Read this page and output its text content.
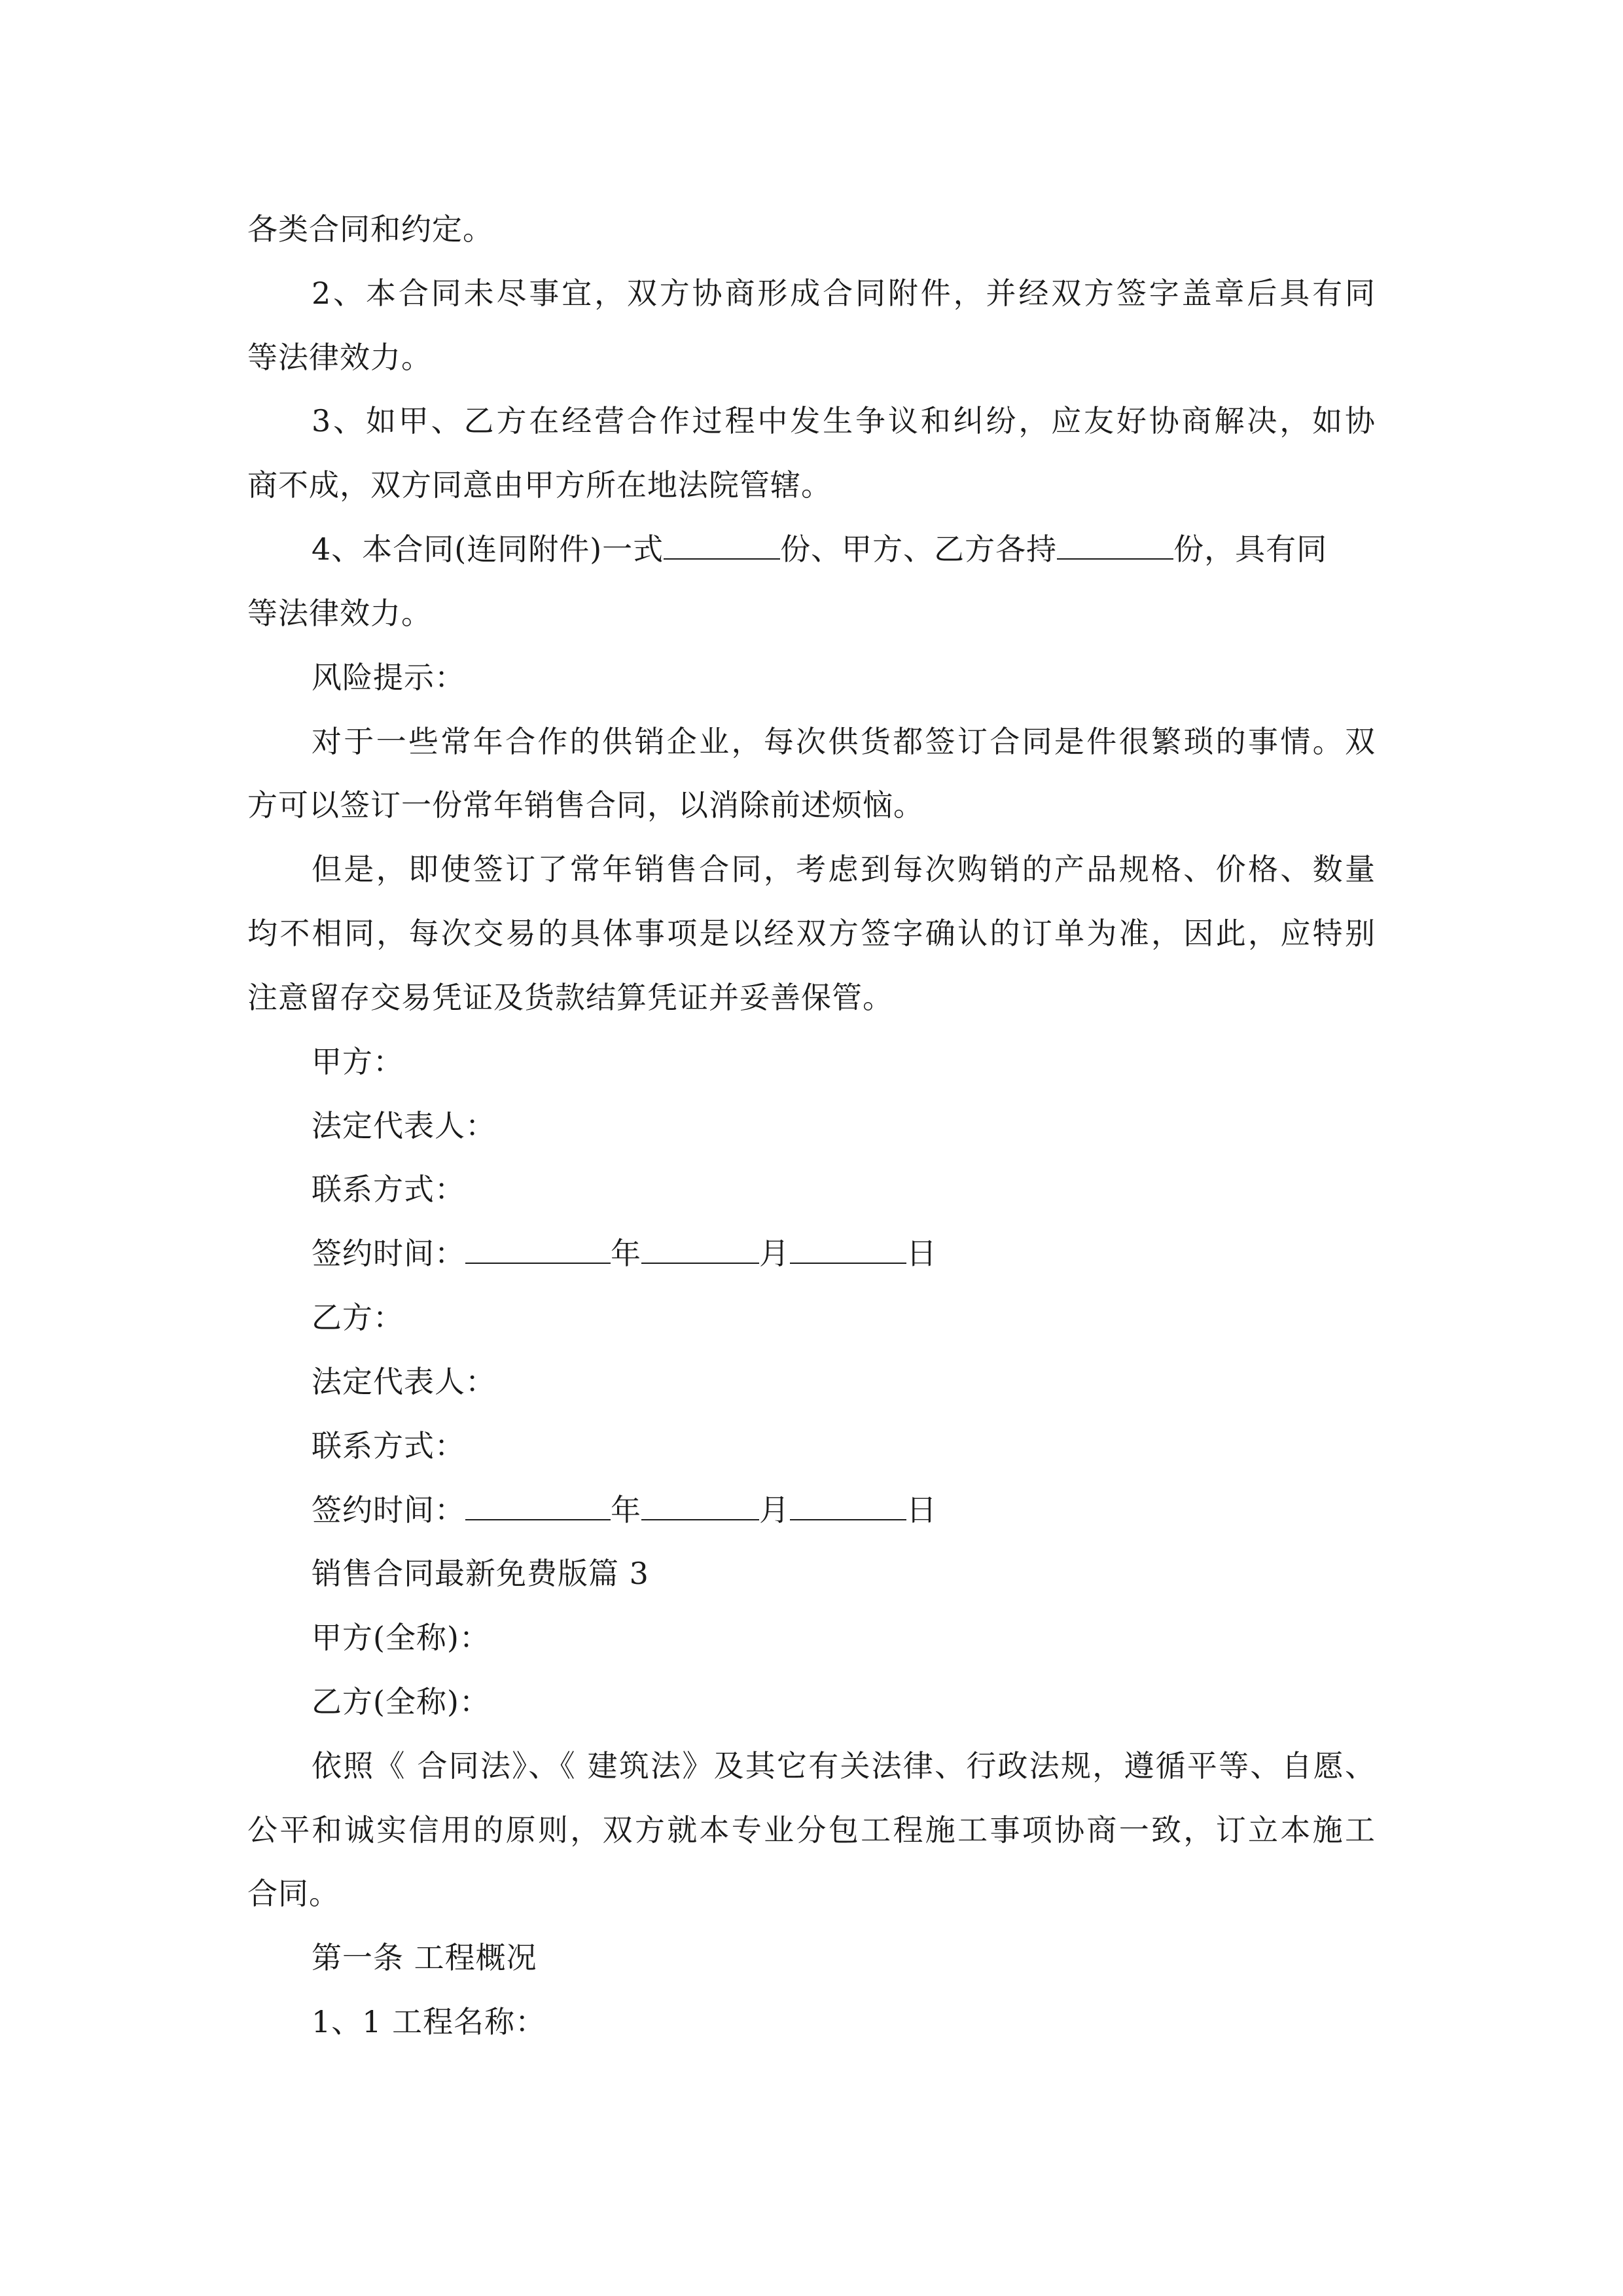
各类合同和约定。
2、本合同未尽事宜，双方协商形成合同附件，并经双方签字盖章后具有同
等法律效力。
3、如甲、乙方在经营合作过程中发生争议和纠纷，应友好协商解决，如协
商不成，双方同意由甲方所在地法院管辖。
4、本合同(连同附件)一式	份、甲方、乙方各持	份，具有同
等法律效力。
风险提示：
对于一些常年合作的供销企业，每次供货都签订合同是件很繁琐的事情。双
方可以签订一份常年销售合同，以消除前述烦恼。
但是，即使签订了常年销售合同，考虑到每次购销的产品规格、价格、数量
均不相同，每次交易的具体事项是以经双方签字确认的订单为准，因此，应特别
注意留存交易凭证及货款结算凭证并妥善保管。
甲方：
法定代表人：
联系方式：
签约时间：	年	月	日
乙方：
法定代表人：
联系方式：
签约时间：	年	月	日
销售合同最新免费版篇 3
甲方(全称)：
乙方(全称)：
依照《 合同法》、《 建筑法》及其它有关法律、行政法规，遵循平等、自愿、
公平和诚实信用的原则，双方就本专业分包工程施工事项协商一致，订立本施工
合同。
第一条 工程概况
1、1 工程名称：
